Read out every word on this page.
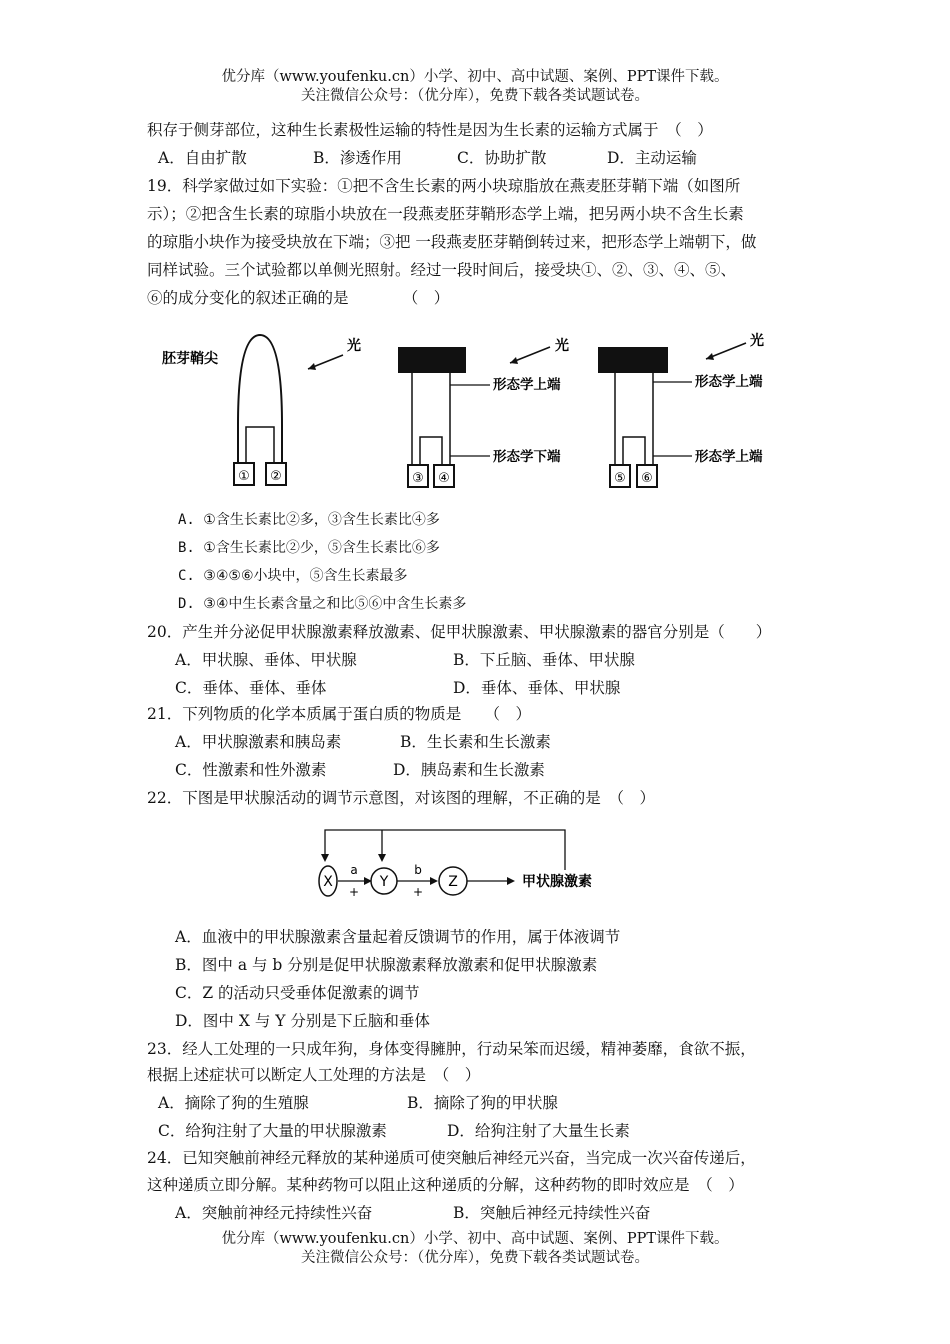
优分库（www.youfenku.cn）小学、初中、高中试题、案例、PPT课件下载。
关注微信公众号：（优分库），免费下载各类试题试卷。
积存于侧芽部位，这种生长素极性运输的特性是因为生长素的运输方式属于　（　）
A．自由扩散	B．渗透作用	C．协助扩散	D．主动运输
19．科学家做过如下实验：①把不含生长素的两小块琼脂放在燕麦胚芽鞘下端（如图所
示）；②把含生长素的琼脂小块放在一段燕麦胚芽鞘形态学上端，把另两小块不含生长素
的琼脂小块作为接受块放在下端；③把 一段燕麦胚芽鞘倒转过来，把形态学上端朝下，做
同样试验。三个试验都以单侧光照射。经过一段时间后，接受块①、②、③、④、⑤、
⑥的成分变化的叙述正确的是　　　　（　）
胚芽鞘尖
光
① ②
光
形态学上端
形态学下端
③ ④
光
形态学上端
形态学上端
⑤ ⑥
A. ①含生长素比②多，③含生长素比④多
B. ①含生长素比②少，⑤含生长素比⑥多
C. ③④⑤⑥小块中，⑤含生长素最多
D. ③④中生长素含量之和比⑤⑥中含生长素多
20．产生并分泌促甲状腺激素释放激素、促甲状腺激素、甲状腺激素的器官分别是（　　）
A．甲状腺、垂体、甲状腺	B．下丘脑、垂体、甲状腺
C．垂体、垂体、垂体	D．垂体、垂体、甲状腺
21．下列物质的化学本质属于蛋白质的物质是　　（　）
A．甲状腺激素和胰岛素	B．生长素和生长激素
C．性激素和性外激素	D．胰岛素和生长激素
22．下图是甲状腺活动的调节示意图，对该图的理解，不正确的是　（　）
X
a
+
Y
b
+
Z	甲状腺激素
A．血液中的甲状腺激素含量起着反馈调节的作用，属于体液调节
B．图中 a 与 b 分别是促甲状腺激素释放激素和促甲状腺激素
C．Z 的活动只受垂体促激素的调节
D．图中 X 与 Y 分别是下丘脑和垂体
23．经人工处理的一只成年狗，身体变得臃肿，行动呆笨而迟缓，精神萎靡，食欲不振，
根据上述症状可以断定人工处理的方法是　（　）
A．摘除了狗的生殖腺	B．摘除了狗的甲状腺
C．给狗注射了大量的甲状腺激素	D．给狗注射了大量生长素
24．已知突触前神经元释放的某种递质可使突触后神经元兴奋，当完成一次兴奋传递后，
这种递质立即分解。某种药物可以阻止这种递质的分解，这种药物的即时效应是　（　）
A．突触前神经元持续性兴奋	B．突触后神经元持续性兴奋
优分库（www.youfenku.cn）小学、初中、高中试题、案例、PPT课件下载。
关注微信公众号：（优分库），免费下载各类试题试卷。
